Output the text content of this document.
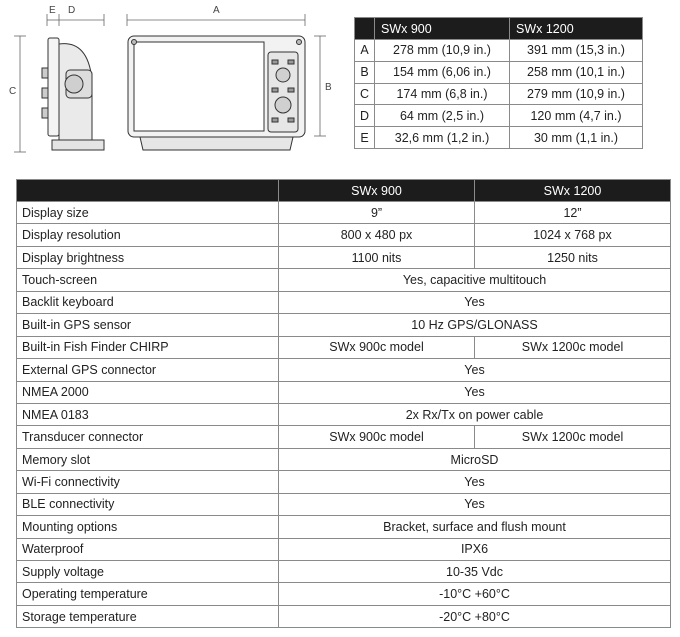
A
E D
C	B
	SWx 900	SWx 1200
A	278 mm (10,9 in.)	391 mm (15,3 in.)
B	154 mm (6,06 in.)	258 mm (10,1 in.)
C	174 mm (6,8 in.)	279 mm (10,9 in.)
D	64 mm (2,5 in.)	120 mm (4,7 in.)
E	32,6 mm (1,2 in.)	30 mm (1,1 in.)
	SWx 900	SWx 1200
Display size	9”	12”
Display resolution	800 x 480 px	1024 x 768 px
Display brightness	1100 nits	1250 nits
Touch-screen	Yes, capacitive multitouch	
Backlit keyboard	Yes	
Built-in GPS sensor	10 Hz GPS/GLONASS	
Built-in Fish Finder CHIRP	SWx 900c model	SWx 1200c model
External GPS connector	Yes	
NMEA 2000	Yes	
NMEA 0183	2x Rx/Tx on power cable	
Transducer connector	SWx 900c model	SWx 1200c model
Memory slot	MicroSD	
Wi-Fi connectivity	Yes	
BLE connectivity	Yes	
Mounting options	Bracket, surface and flush mount	
Waterproof	IPX6	
Supply voltage	10-35 Vdc	
Operating temperature	-10°C +60°C	
Storage temperature	-20°C +80°C	
